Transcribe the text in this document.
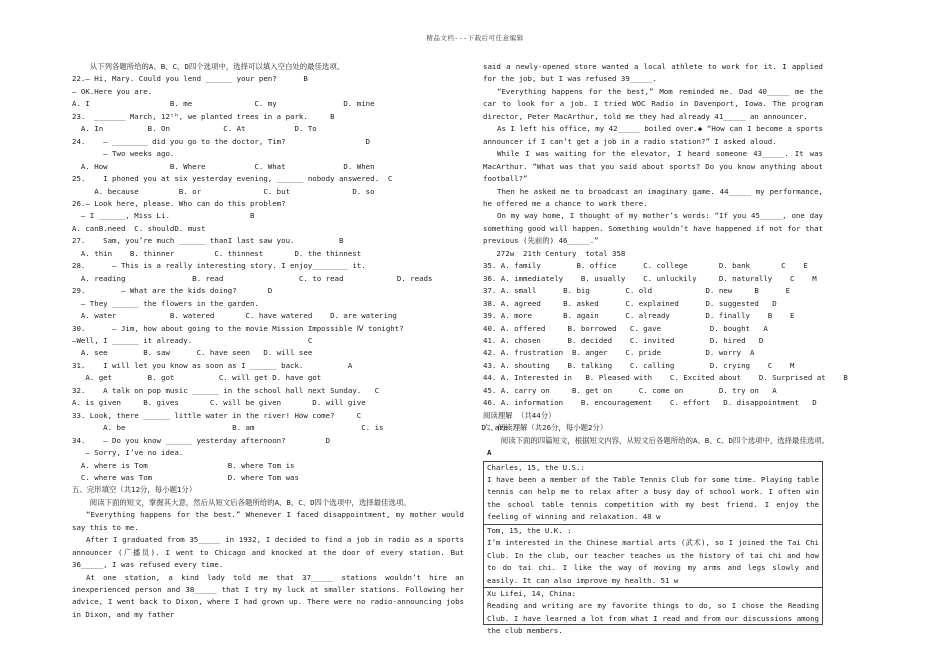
精品文档---下载后可任意编辑
从下列各题所给的A、B、C、D四个选项中，选择可以填入空白处的最佳选项。
22.— Hi, Mary. Could you lend ______ your pen?      B
— OK.Here you are.
A. I                  B. me              C. my               D. mine
23.  _______ March, 12ᵗʰ, we planted trees in a park.     B
A. In          B. On            C. At           D. To
24.    — ________ did you go to the doctor, Tim?                  D
— Two weeks ago.
A. How              B. Where           C. What             D. When
25.    I phoned you at six yesterday evening, ______ nobody answered.  C
A. because         B. or              C. but              D. so
26.— Look here, please. Who can do this problem?
— I ______, Miss Li.                  B
A. canB.need  C. shouldD. must
27.    Sam, you’re much ______ thanI last saw you.          B
A. thin    B. thinner         C. thinnest       D. the thinnest
28.      — This is a really interesting story. I enjoy________ it.
A. reading               B. read                 C. to read            D. reads
29.        — What are the kids doing?       D
— They ______ the flowers in the garden.
A. water            B. watered       C. have watered    D. are watering
30.      — Jim, how about going to the movie Mission Impossible Ⅳ tonight?
—Well, I ______ it already.                          C
A. see        B. saw      C. have seen   D. will see
31.    I will let you know as soon as I ______ back.          A
A. get        B. got          C. will get D. have got
32.    A talk on pop music ______ in the school hall next Sunday.   C
A. is given     B. gives       C. will be given       D. will give
33. Look, there ______ little water in the river! How come?     C
A. be                        B. am                        C. is                      D. are
34.    — Do you know ______ yesterday afternoon?         D
— Sorry, I’ve no idea.
A. where is Tom                  B. where Tom is
C. where was Tom                 D. where Tom was
五、完形填空（共12分，每小题1分）
阅读下面的短文，掌握其大意，然后从短文后各题所给的A、B、C、D四个选项中，选择最佳选项。
“Everything happens for the best.” Whenever I faced disappointment, my mother would say this to me.
After I graduated from 35_____ in 1932, I decided to find a job in radio as a sports announcer (广播员). I went to Chicago and knocked at the door of every station. But 36_____, I was refused every time.
At one station, a kind lady told me that 37_____ stations wouldn’t hire an inexperienced person and 38_____ that I try my luck at smaller stations. Following her advice, I went back to Dixon, where I had grown up. There were no radio-announcing jobs in Dixon, and my father
said a newly-opened store wanted a local athlete to work for it. I applied for the job, but I was refused 39_____.
“Everything happens for the best,” Mom reminded me. Dad 40_____ me the car to look for a job. I tried WOC Radio in Davenport, Iowa. The program director, Peter MacArthur, told me they had already 41_____ an announcer.
As I left his office, my 42_____ boiled over.◆ “How can I become a sports announcer if I can’t get a job in a radio station?” I asked aloud.
While I was waiting for the elevator, I heard someone 43_____. It was MacArthur. “What was that you said about sports? Do you know anything about football?”
Then he asked me to broadcast an imaginary game. 44_____ my performance, he offered me a chance to work there.
On my way home, I thought of my mother’s words: “If you 45_____, one day something good will happen. Something wouldn’t have happened if not for that previous (先前的) 46_____.”
272w  21th Century  total 358
35. A. family        B. office      C. college       D. bank       C    E
36. A. immediately    B. usually    C. unluckily     D. naturally    C    M
37. A. small      B. big        C. old            D. new     B      E
38. A. agreed     B. asked      C. explained      D. suggested   D
39. A. more       B. again      C. already        D. finally    B    E
40. A. offered     B. borrowed   C. gave           D. bought   A
41. A. chosen      B. decided    C. invited        D. hired   D
42. A. frustration  B. anger    C. pride          D. worry  A
43. A. shouting    B. talking    C. calling        D. crying    C    M
44. A. Interested in   B. Pleased with    C. Excited about    D. Surprised at    B
45. A. carry on     B. get on      C. come on        D. try on   A
46. A. information    B. encouragement    C. effort   D. disappointment   D
阅读理解 （共44分）
六、阅读理解（共26分，每小题2分）
阅读下面的四篇短文，根据短文内容，从短文后各题所给的A、B、C、D四个选项中，选择最佳选项。
A
Charles, 15, the U.S.:
I have been a member of the Table Tennis Club for some time. Playing table tennis can help me to relax after a busy day of school work. I often win the school table tennis competition with my best friend. I enjoy the feeling of winning and relaxation. 48 w
Tom, 15, the U.K. :
I’m interested in the Chinese martial arts (武术), so I joined the Tai Chi Club. In the club, our teacher teaches us the history of tai chi and how to do tai chi. I like the way of moving my arms and legs slowly and easily. It can also improve my health. 51 w
Xu Lifei, 14, China:
Reading and writing are my favorite things to do, so I chose the Reading Club. I have learned a lot from what I read and from our discussions among the club members.
